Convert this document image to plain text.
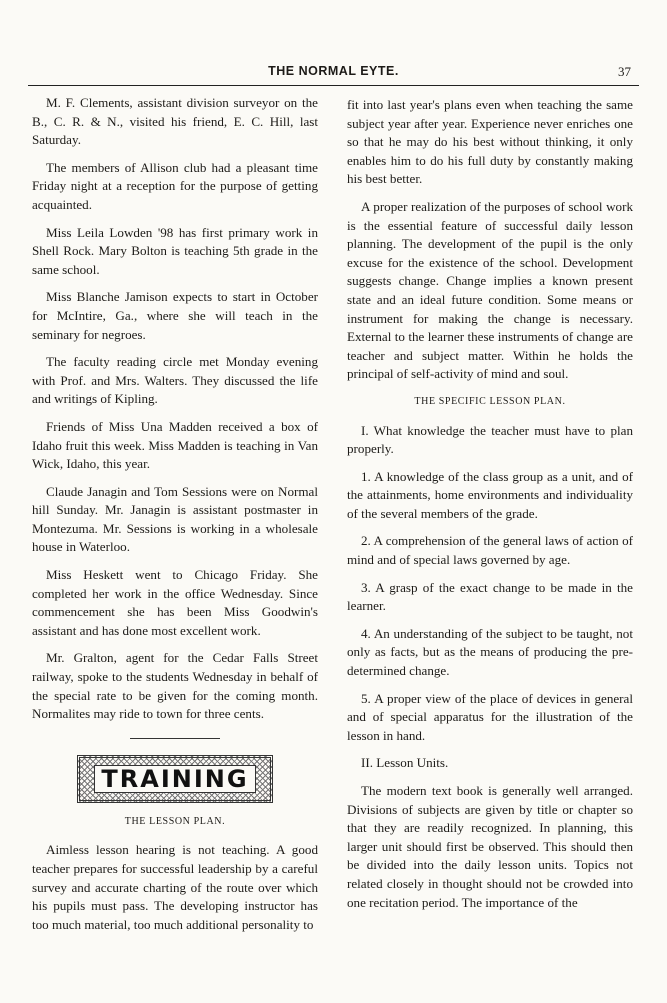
THE NORMAL EYTE.	37

M. F. Clements, assistant division surveyor on the B., C. R. & N., visited his friend, E. C. Hill, last Saturday.

The members of Allison club had a pleasant time Friday night at a reception for the purpose of getting acquainted.

Miss Leila Lowden '98 has first primary work in Shell Rock. Mary Bolton is teaching 5th grade in the same school.

Miss Blanche Jamison expects to start in October for McIntire, Ga., where she will teach in the seminary for negroes.

The faculty reading circle met Monday evening with Prof. and Mrs. Walters. They discussed the life and writings of Kipling.

Friends of Miss Una Madden received a box of Idaho fruit this week. Miss Madden is teaching in Van Wick, Idaho, this year.

Claude Janagin and Tom Sessions were on Normal hill Sunday. Mr. Janagin is assistant postmaster in Montezuma. Mr. Sessions is working in a wholesale house in Waterloo.

Miss Heskett went to Chicago Friday. She completed her work in the office Wednesday. Since commencement she has been Miss Goodwin's assistant and has done most excellent work.

Mr. Gralton, agent for the Cedar Falls Street railway, spoke to the students Wednesday in behalf of the special rate to be given for the coming month. Normalites may ride to town for three cents.

TRAINING
THE LESSON PLAN.

Aimless lesson hearing is not teaching. A good teacher prepares for successful leadership by a careful survey and accurate charting of the route over which his pupils must pass. The developing instructor has too much material, too much additional personality to

fit into last year's plans even when teaching the same subject year after year. Experience never enriches one so that he may do his best without thinking, it only enables him to do his full duty by constantly making his best better.

A proper realization of the purposes of school work is the essential feature of successful daily lesson planning. The development of the pupil is the only excuse for the existence of the school. Development suggests change. Change implies a known present state and an ideal future condition. Some means or instrument for making the change is necessary. External to the learner these instruments of change are teacher and subject matter. Within he holds the principal of self-activity of mind and soul.

THE SPECIFIC LESSON PLAN.

I. What knowledge the teacher must have to plan properly.

1. A knowledge of the class group as a unit, and of the attainments, home environments and individuality of the several members of the grade.

2. A comprehension of the general laws of action of mind and of special laws governed by age.

3. A grasp of the exact change to be made in the learner.

4. An understanding of the subject to be taught, not only as facts, but as the means of producing the pre-determined change.

5. A proper view of the place of devices in general and of special apparatus for the illustration of the lesson in hand.

II. Lesson Units.

The modern text book is generally well arranged. Divisions of subjects are given by title or chapter so that they are readily recognized. In planning, this larger unit should first be observed. This should then be divided into the daily lesson units. Topics not related closely in thought should not be crowded into one recitation period. The importance of the
